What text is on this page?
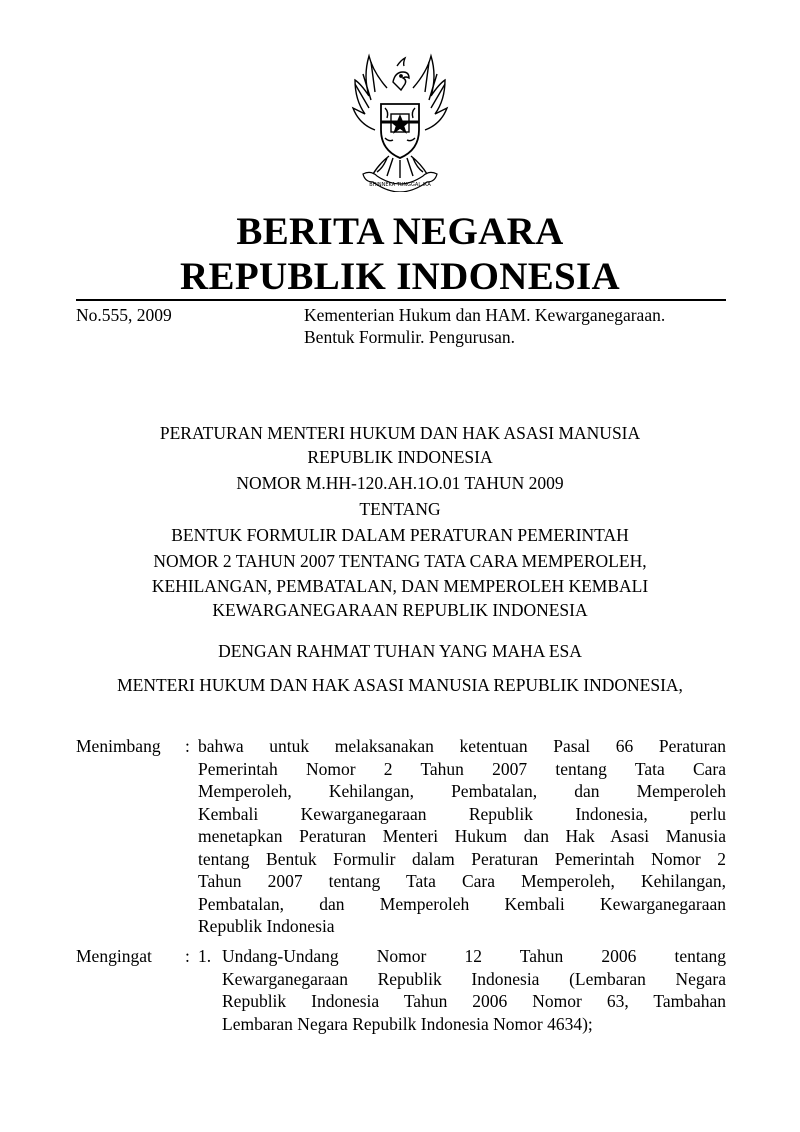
BHINNEKA TUNGGAL IKA
BERITA NEGARA
REPUBLIK INDONESIA
No.555, 2009	Kementerian Hukum dan HAM. Kewarganegaraan.
Bentuk Formulir. Pengurusan.
PERATURAN MENTERI HUKUM DAN HAK ASASI MANUSIA
REPUBLIK INDONESIA
NOMOR M.HH-120.AH.1O.01 TAHUN 2009
TENTANG
BENTUK FORMULIR DALAM PERATURAN PEMERINTAH
NOMOR 2 TAHUN 2007 TENTANG TATA CARA MEMPEROLEH,
KEHILANGAN, PEMBATALAN, DAN MEMPEROLEH KEMBALI
KEWARGANEGARAAN REPUBLIK INDONESIA
DENGAN RAHMAT TUHAN YANG MAHA ESA
MENTERI HUKUM DAN HAK ASASI MANUSIA REPUBLIK INDONESIA,
Menimbang : bahwa untuk melaksanakan ketentuan Pasal 66 Peraturan
Pemerintah Nomor 2 Tahun 2007 tentang Tata Cara
Memperoleh, Kehilangan, Pembatalan, dan Memperoleh
Kembali Kewarganegaraan Republik Indonesia, perlu
menetapkan Peraturan Menteri Hukum dan Hak Asasi Manusia
tentang Bentuk Formulir dalam Peraturan Pemerintah Nomor 2
Tahun 2007 tentang Tata Cara Memperoleh, Kehilangan,
Pembatalan, dan Memperoleh Kembali Kewarganegaraan
Republik Indonesia
Mengingat : 1. Undang-Undang Nomor 12 Tahun 2006 tentang
Kewarganegaraan Republik Indonesia (Lembaran Negara
Republik Indonesia Tahun 2006 Nomor 63, Tambahan
Lembaran Negara Repubilk Indonesia Nomor 4634);
